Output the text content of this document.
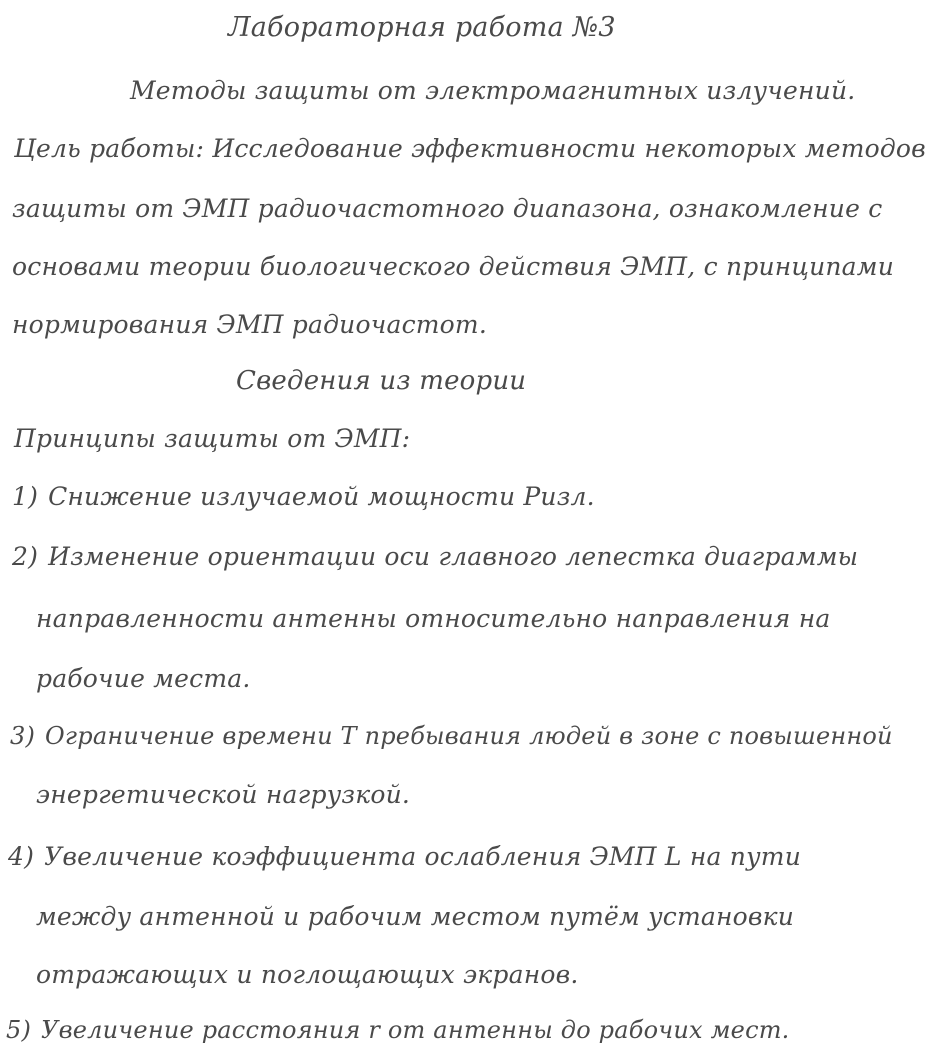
Лабораторная работа №3
Методы защиты от электромагнитных излучений.
Цель работы: Исследование эффективности некоторых методов
защиты от ЭМП радиочастотного диапазона, ознакомление с
основами теории биологического действия ЭМП, с принципами
нормирования ЭМП радиочастот.
Сведения из теории
Принципы защиты от ЭМП:
1) Снижение излучаемой мощности Pизл.
2) Изменение ориентации оси главного лепестка диаграммы
направленности антенны относительно направления на
рабочие места.
3) Ограничение времени T пребывания людей в зоне с повышенной
энергетической нагрузкой.
4) Увеличение коэффициента ослабления ЭМП L на пути
между антенной и рабочим местом путём установки
отражающих и поглощающих экранов.
5) Увеличение расстояния r от антенны до рабочих мест.
